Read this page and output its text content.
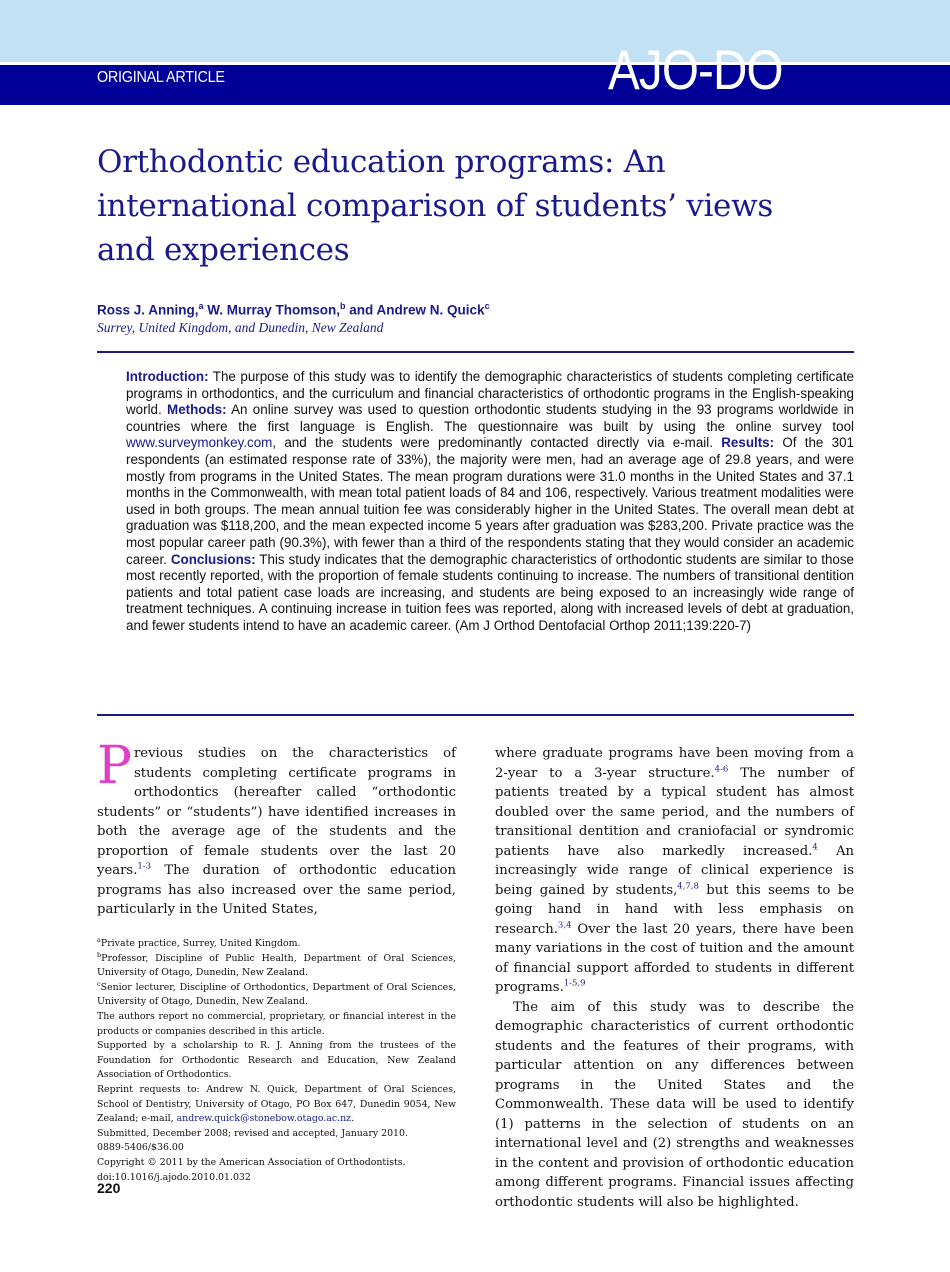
ORIGINAL ARTICLE	AJO-DO
Orthodontic education programs: An international comparison of students’ views and experiences
Ross J. Anning,$^a$ W. Murray Thomson,$^b$ and Andrew N. Quick$^c$
Surrey, United Kingdom, and Dunedin, New Zealand

Introduction: The purpose of this study was to identify the demographic characteristics of students completing certificate programs in orthodontics, and the curriculum and financial characteristics of orthodontic programs in the English-speaking world. Methods: An online survey was used to question orthodontic students studying in the 93 programs worldwide in countries where the first language is English. The questionnaire was built by using the online survey tool www.surveymonkey.com, and the students were predominantly contacted directly via e-mail. Results: Of the 301 respondents (an estimated response rate of 33%), the majority were men, had an average age of 29.8 years, and were mostly from programs in the United States. The mean program durations were 31.0 months in the United States and 37.1 months in the Commonwealth, with mean total patient loads of 84 and 106, respectively. Various treatment modalities were used in both groups. The mean annual tuition fee was considerably higher in the United States. The overall mean debt at graduation was $118,200, and the mean expected income 5 years after graduation was $283,200. Private practice was the most popular career path (90.3%), with fewer than a third of the respondents stating that they would consider an academic career. Conclusions: This study indicates that the demographic characteristics of orthodontic students are similar to those most recently reported, with the proportion of female students continuing to increase. The numbers of transitional dentition patients and total patient case loads are increasing, and students are being exposed to an increasingly wide range of treatment techniques. A continuing increase in tuition fees was reported, along with increased levels of debt at graduation, and fewer students intend to have an academic career. (Am J Orthod Dentofacial Orthop 2011;139:220-7)

Previous studies on the characteristics of students completing certificate programs in orthodontics (hereafter called “orthodontic students” or “students”) have identified increases in both the average age of the students and the proportion of female students over the last 20 years.$^{1-3}$ The duration of orthodontic education programs has also increased over the same period, particularly in the United States,

where graduate programs have been moving from a 2-year to a 3-year structure.$^{4-6}$ The number of patients treated by a typical student has almost doubled over the same period, and the numbers of transitional dentition and craniofacial or syndromic patients have also markedly increased.$^4$ An increasingly wide range of clinical experience is being gained by students,$^{4,7,8}$ but this seems to be going hand in hand with less emphasis on research.$^{3,4}$ Over the last 20 years, there have been many variations in the cost of tuition and the amount of financial support afforded to students in different programs.$^{1-5,9}$

The aim of this study was to describe the demographic characteristics of current orthodontic students and the features of their programs, with particular attention on any differences between programs in the United States and the Commonwealth. These data will be used to identify (1) patterns in the selection of students on an international level and (2) strengths and weaknesses in the content and provision of orthodontic education among different programs. Financial issues affecting orthodontic students will also be highlighted.

$^a$Private practice, Surrey, United Kingdom.
$^b$Professor, Discipline of Public Health, Department of Oral Sciences, University of Otago, Dunedin, New Zealand.
$^c$Senior lecturer, Discipline of Orthodontics, Department of Oral Sciences, University of Otago, Dunedin, New Zealand.
The authors report no commercial, proprietary, or financial interest in the products or companies described in this article.
Supported by a scholarship to R. J. Anning from the trustees of the Foundation for Orthodontic Research and Education, New Zealand Association of Orthodontics.
Reprint requests to: Andrew N. Quick, Department of Oral Sciences, School of Dentistry, University of Otago, PO Box 647, Dunedin 9054, New Zealand; e-mail, andrew.quick@stonebow.otago.ac.nz.
Submitted, December 2008; revised and accepted, January 2010.
0889-5406/$36.00
Copyright © 2011 by the American Association of Orthodontists.
doi:10.1016/j.ajodo.2010.01.032
220
